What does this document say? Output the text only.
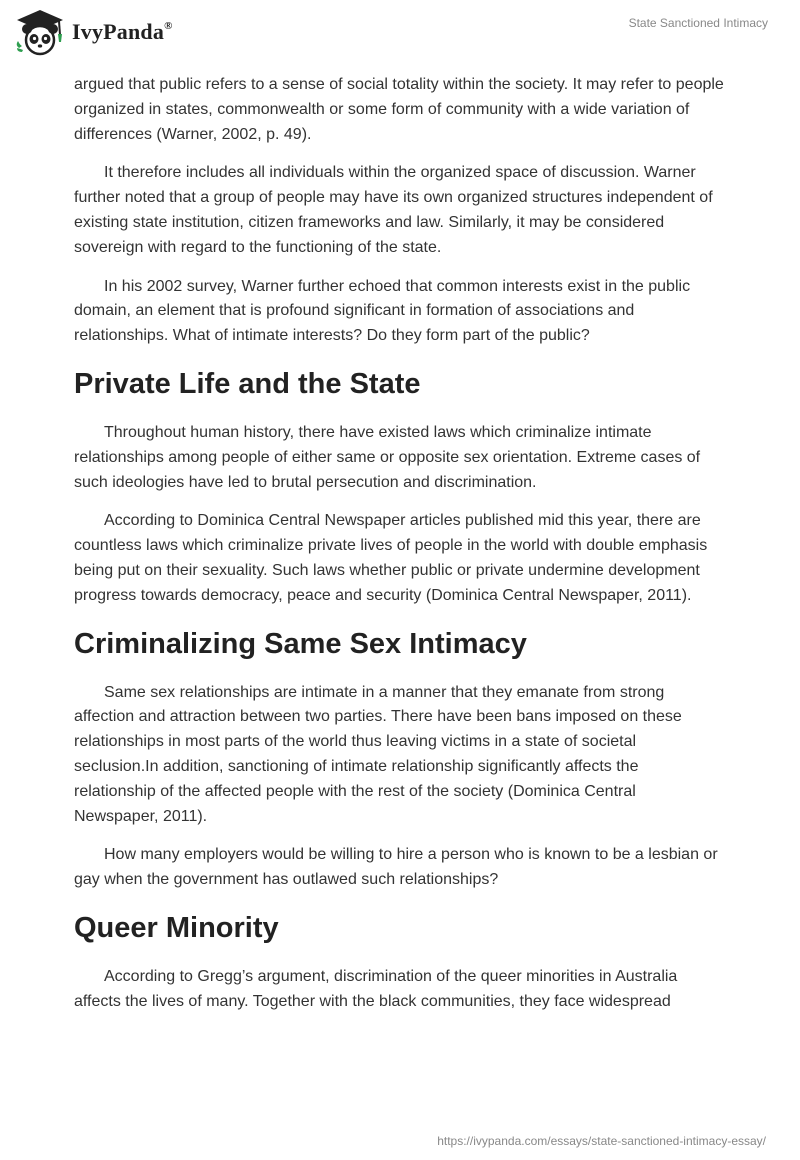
IvyPanda®	State Sanctioned Intimacy

argued that public refers to a sense of social totality within the society. It may refer to people organized in states, commonwealth or some form of community with a wide variation of differences (Warner, 2002, p. 49).

It therefore includes all individuals within the organized space of discussion. Warner further noted that a group of people may have its own organized structures independent of existing state institution, citizen frameworks and law. Similarly, it may be considered sovereign with regard to the functioning of the state.

In his 2002 survey, Warner further echoed that common interests exist in the public domain, an element that is profound significant in formation of associations and relationships. What of intimate interests? Do they form part of the public?

Private Life and the State

Throughout human history, there have existed laws which criminalize intimate relationships among people of either same or opposite sex orientation. Extreme cases of such ideologies have led to brutal persecution and discrimination.

According to Dominica Central Newspaper articles published mid this year, there are countless laws which criminalize private lives of people in the world with double emphasis being put on their sexuality. Such laws whether public or private undermine development progress towards democracy, peace and security (Dominica Central Newspaper, 2011).

Criminalizing Same Sex Intimacy

Same sex relationships are intimate in a manner that they emanate from strong affection and attraction between two parties. There have been bans imposed on these relationships in most parts of the world thus leaving victims in a state of societal seclusion.In addition, sanctioning of intimate relationship significantly affects the relationship of the affected people with the rest of the society (Dominica Central Newspaper, 2011).

How many employers would be willing to hire a person who is known to be a lesbian or gay when the government has outlawed such relationships?

Queer Minority

According to Gregg’s argument, discrimination of the queer minorities in Australia affects the lives of many. Together with the black communities, they face widespread

https://ivypanda.com/essays/state-sanctioned-intimacy-essay/
